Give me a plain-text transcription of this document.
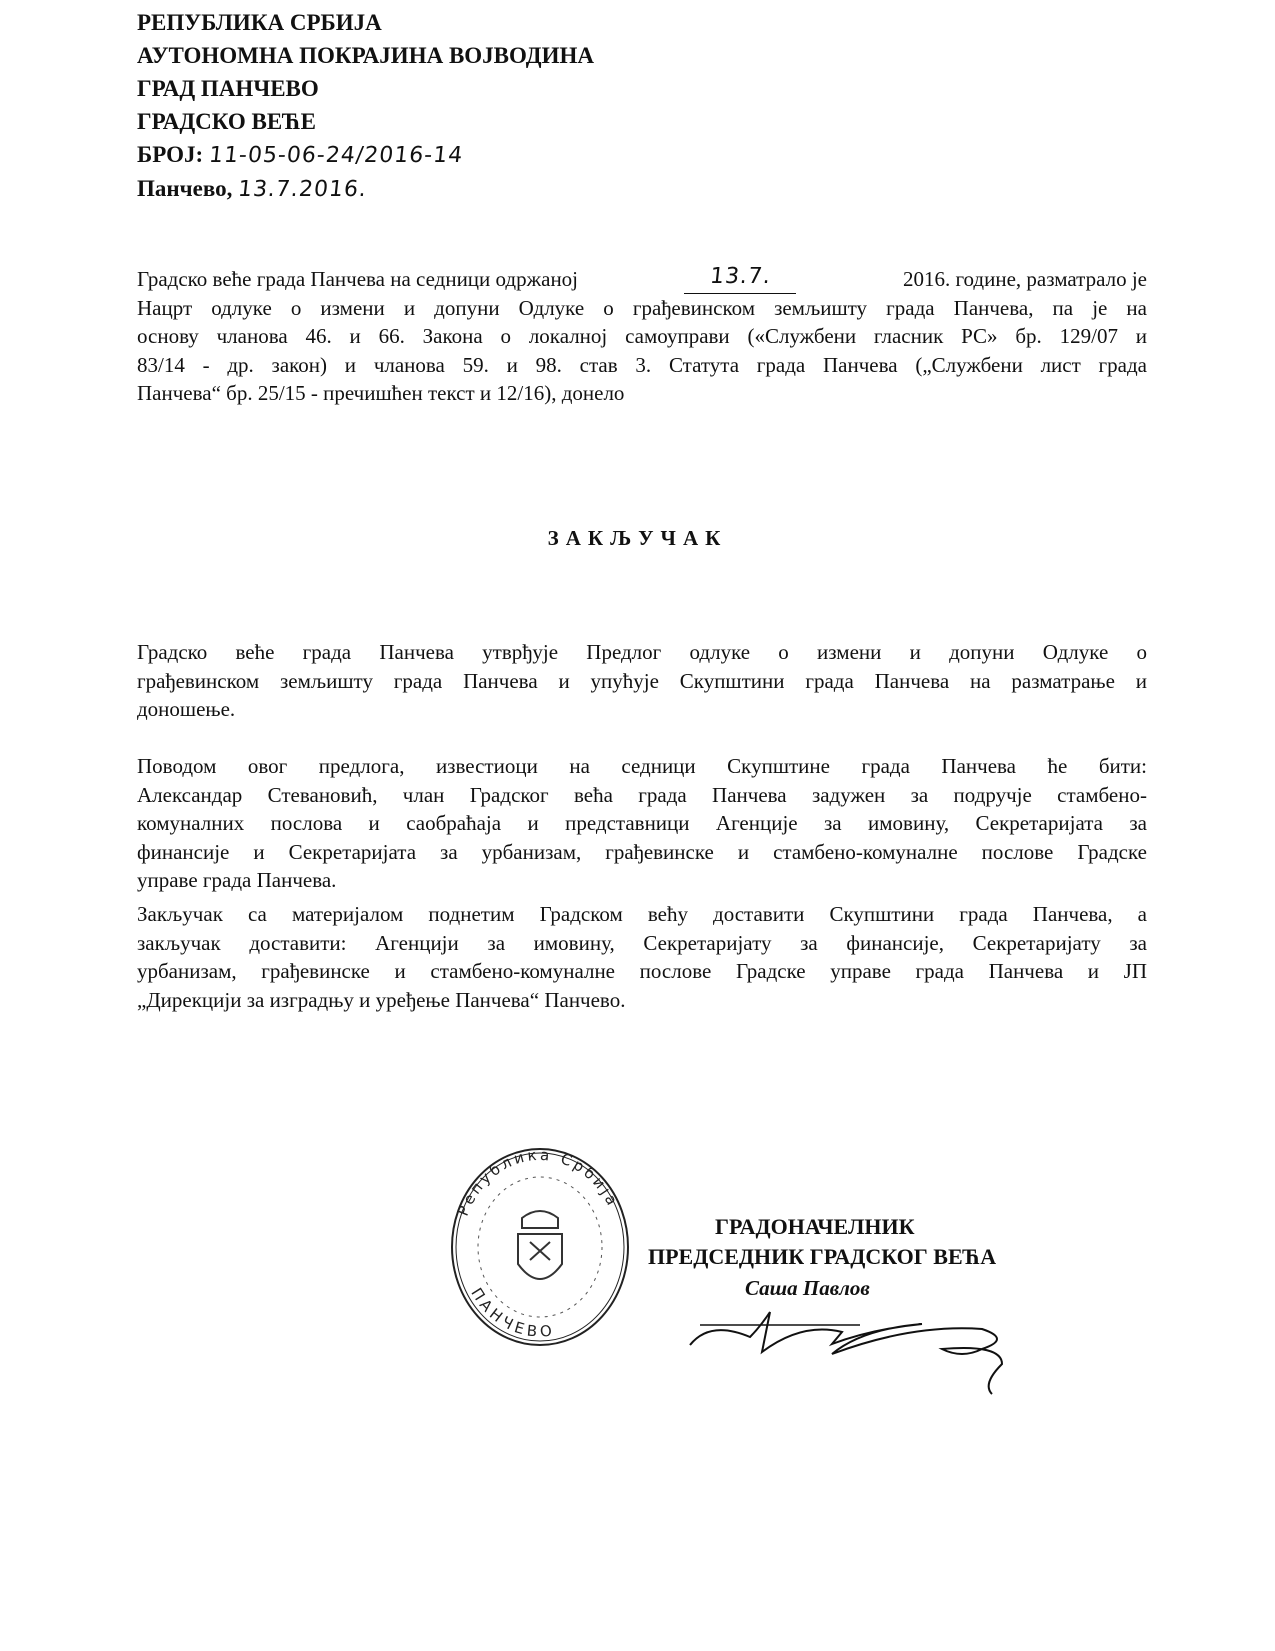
РЕПУБЛИКА СРБИЈА
АУТОНОМНА ПОКРАЈИНА ВОЈВОДИНА
ГРАД ПАНЧЕВО
ГРАДСКО ВЕЋЕ
БРОЈ: 11-05-06-24/2016-14
Панчево, 13.7.2016.
Градско веће града Панчева на седници одржаној	13.7.	2016. године, разматрало је
Нацрт одлуке о измени и допуни Одлуке о грађевинском земљишту града Панчева, па је на
основу чланова 46. и 66. Закона о локалној самоуправи («Службени гласник РС» бр. 129/07 и
83/14 - др. закон) и чланова 59. и 98. став 3. Статута града Панчева („Службени лист града
Панчева“ бр. 25/15 - пречишћен текст и 12/16), донело
ЗАКЉУЧАК
Градско веће града Панчева утврђује Предлог одлуке о измени и допуни Одлуке о
грађевинском земљишту града Панчева и упућује Скупштини града Панчева на разматрање и
доношење.
Поводом овог предлога, известиоци на седници Скупштине града Панчева ће бити:
Александар Стевановић, члан Градског већа града Панчева задужен за подручје стамбено-
комуналних послова и саобраћаја и представници Агенције за имовину, Секретаријата за
финансије и Секретаријата за урбанизам, грађевинске и стамбено-комуналне послове Градске
управе града Панчева.
Закључак са материјалом поднетим Градском већу доставити Скупштини града Панчева, а
закључак доставити: Агенцији за имовину, Секретаријату за финансије, Секретаријату за
урбанизам, грађевинске и стамбено-комуналне послове Градске управе града Панчева и ЈП
„Дирекцији за изградњу и уређење Панчева“ Панчево.
Република Србија
ПАНЧЕВО
ГРАДОНАЧЕЛНИК
ПРЕДСЕДНИК ГРАДСКОГ ВЕЋА
Саша Павлов
